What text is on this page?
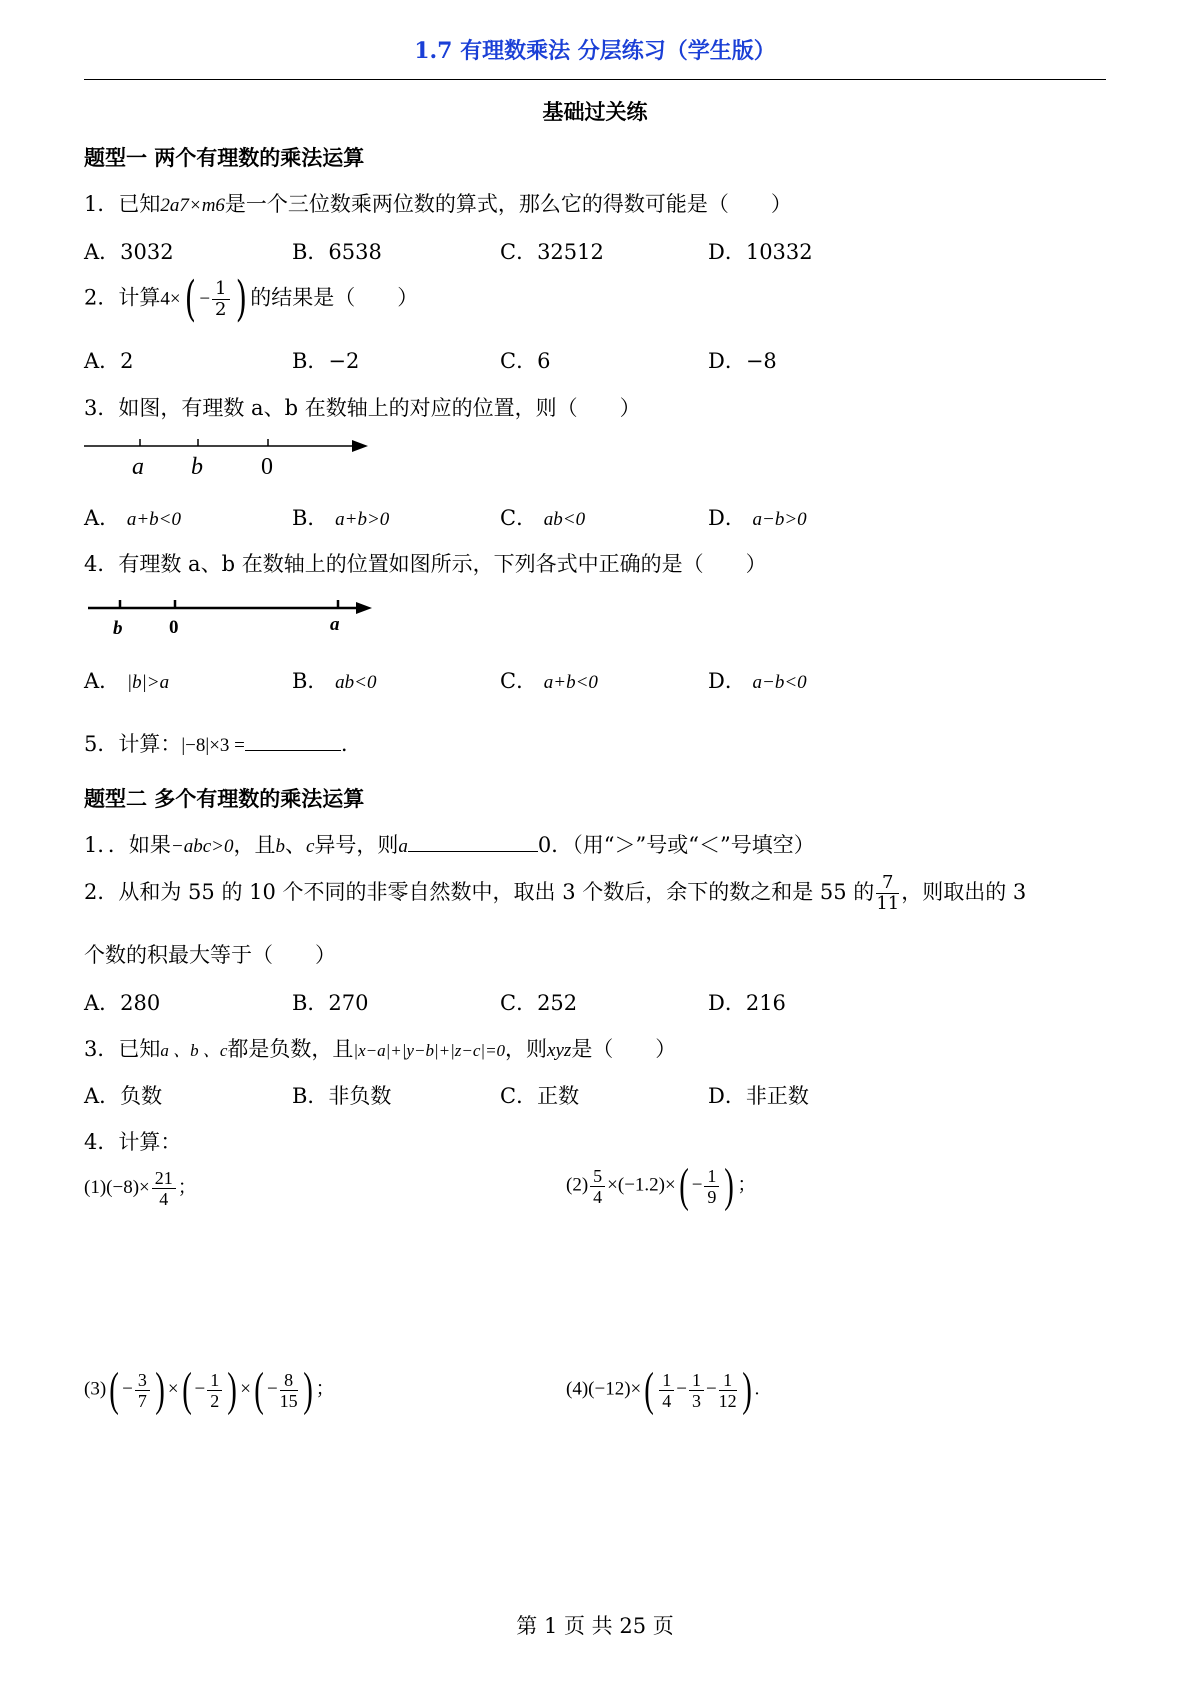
1.7 有理数乘法 分层练习（学生版）
基础过关练
题型一 两个有理数的乘法运算
1．已知2a7×m6是一个三位数乘两位数的算式，那么它的得数可能是（　　）
A．3032	B．6538	C．32512	D．10332
2．计算$4\times( - \frac{1}{2}$ ) 的结果是（　　）
A．2	B．−2	C．6	D．−8
3．如图，有理数 a、b 在数轴上的对应的位置，则（　　）
a b 0
A． a+b<0	B． a+b>0	C． ab<0	D． a−b>0
4．有理数 a、b 在数轴上的位置如图所示，下列各式中正确的是（　　）
b 0	a
A． |b|>a	B． ab<0	C． a+b<0	D． a−b<0
5．计算：|−8|×3 =	.
题型二 多个有理数的乘法运算
1．．如果−abc>0，且b、c异号，则a	0．（用“＞”号或“＜”号填空）
2．从和为 55 的 10 个不同的非零自然数中，取出 3 个数后，余下的数之和是 55 的 $\frac{7}{11}$ ，则取出的 3
个数的积最大等于（　　）
A．280	B．270	C．252	D．216
3．已知a 、b 、c都是负数，且|x−a|+|y−b|+|z−c|=0，则xyz是（　　）
A．负数	B．非负数	C．正数	D．非正数
4．计算：
$(1)(-8)\times \frac{21}{4}$ ；	$(2) \frac{5}{4} \times(-1.2)\times( - \frac{1}{9}$ ) ；
$(3)( - \frac{3}{7}$ ) ×( − $\frac{1}{2}$ ) ×( − $\frac{8}{15}$ ) ；	$(4)(-12)\times( \frac{1}{4} - \frac{1}{3} - \frac{1}{12}$ ) .
第 1 页 共 25 页
